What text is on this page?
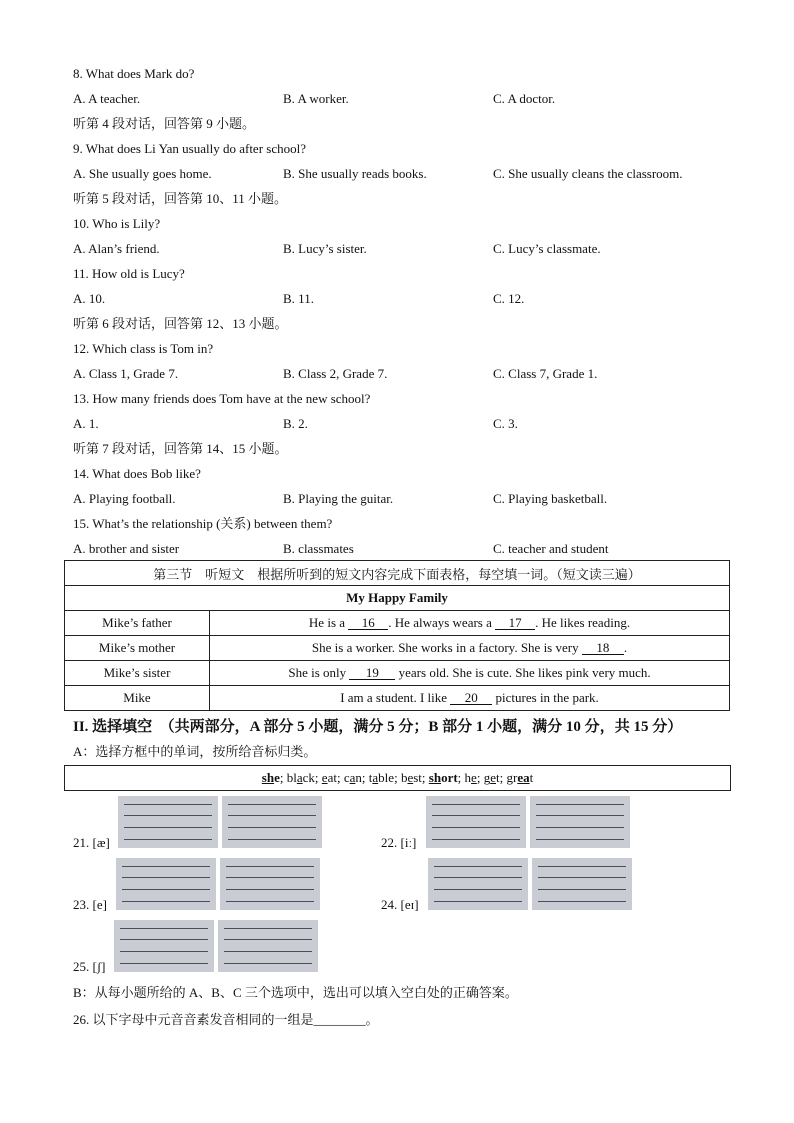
8. What does Mark do?
A. A teacher.	B. A worker.	C. A doctor.
听第 4 段对话，回答第 9 小题。
9. What does Li Yan usually do after school?
A. She usually goes home.	B. She usually reads books.	C. She usually cleans the classroom.
听第 5 段对话，回答第 10、11 小题。
10. Who is Lily?
A. Alan’s friend.	B. Lucy’s sister.	C. Lucy’s classmate.
11. How old is Lucy?
A. 10.	B. 11.	C. 12.
听第 6 段对话，回答第 12、13 小题。
12. Which class is Tom in?
A. Class 1, Grade 7.	B. Class 2, Grade 7.	C. Class 7, Grade 1.
13. How many friends does Tom have at the new school?
A. 1.	B. 2.	C. 3.
听第 7 段对话，回答第 14、15 小题。
14. What does Bob like?
A. Playing football.	B. Playing the guitar.	C. Playing basketball.
15. What’s the relationship (关系) between them?
A. brother and sister	B. classmates	C. teacher and student
第三节　听短文　根据所听到的短文内容完成下面表格，每空填一词。（短文读三遍）	
My Happy Family	
Mike’s father	He is a 16 . He always wears a 17 . He likes reading.
Mike’s mother	She is a worker. She works in a factory. She is very 18 .
Mike’s sister	She is only 19 years old. She is cute. She likes pink very much.
Mike	I am a student. I like 20 pictures in the park.
II. 选择填空　（共两部分，A 部分 5 小题，满分 5 分；B 部分 1 小题，满分 10 分，共 15 分）
A：选择方框中的单词，按所给音标归类。
she; black; eat; can; table; best; short; he; get; great
21. [æ]	22. [iː]
23. [e]	24. [eɪ]
25. [ʃ]
B：从每小题所给的 A、B、C 三个选项中，选出可以填入空白处的正确答案。
26. 以下字母中元音音素发音相同的一组是________。
